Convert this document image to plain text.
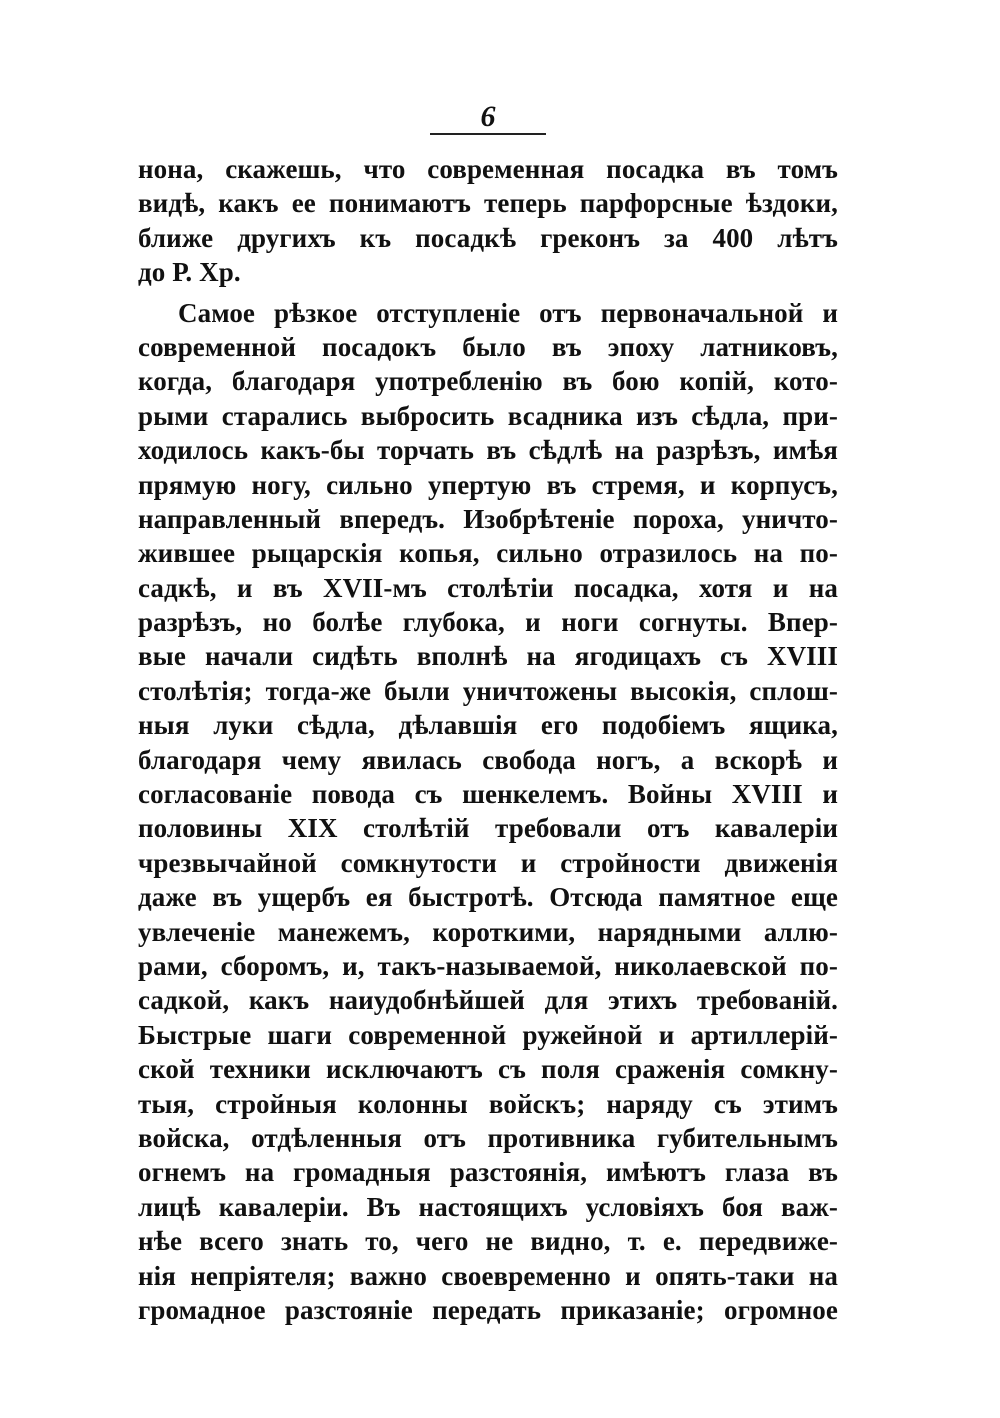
6
нона, скажешь, что современная посадка въ томъ
видѣ, какъ ее понимаютъ теперь парфорсные ѣздоки,
ближе другихъ къ посадкѣ греконъ за 400 лѣтъ
до Р. Хр.
Самое рѣзкое отступленіе отъ первоначальной и
современной посадокъ было въ эпоху латниковъ,
когда, благодаря употребленію въ бою копій, кото-
рыми старались выбросить всадника изъ сѣдла, при-
ходилось какъ-бы торчать въ сѣдлѣ на разрѣзъ, имѣя
прямую ногу, сильно упертую въ стремя, и корпусъ,
направленный впередъ. Изобрѣтеніе пороха, уничто-
жившее рыцарскія копья, сильно отразилось на по-
садкѣ, и въ XVII-мъ столѣтіи посадка, хотя и на
разрѣзъ, но болѣе глубока, и ноги согнуты. Впер-
вые начали сидѣть вполнѣ на ягодицахъ съ XVIII
столѣтія; тогда-же были уничтожены высокія, сплош-
ныя луки сѣдла, дѣлавшія его подобіемъ ящика,
благодаря чему явилась свобода ногъ, а вскорѣ и
согласованіе повода съ шенкелемъ. Войны XVIII и
половины XIX столѣтій требовали отъ кавалеріи
чрезвычайной сомкнутости и стройности движенія
даже въ ущербъ ея быстротѣ. Отсюда памятное еще
увлеченіе манежемъ, короткими, нарядными аллю-
рами, сборомъ, и, такъ-называемой, николаевской по-
садкой, какъ наиудобнѣйшей для этихъ требованій.
Быстрые шаги современной ружейной и артиллерій-
ской техники исключаютъ съ поля сраженія сомкну-
тыя, стройныя колонны войскъ; наряду съ этимъ
войска, отдѣленныя отъ противника губительнымъ
огнемъ на громадныя разстоянія, имѣютъ глаза въ
лицѣ кавалеріи. Въ настоящихъ условіяхъ боя важ-
нѣе всего знать то, чего не видно, т. е. передвиже-
нія непріятеля; важно своевременно и опять-таки на
громадное разстояніе передать приказаніе; огромное
